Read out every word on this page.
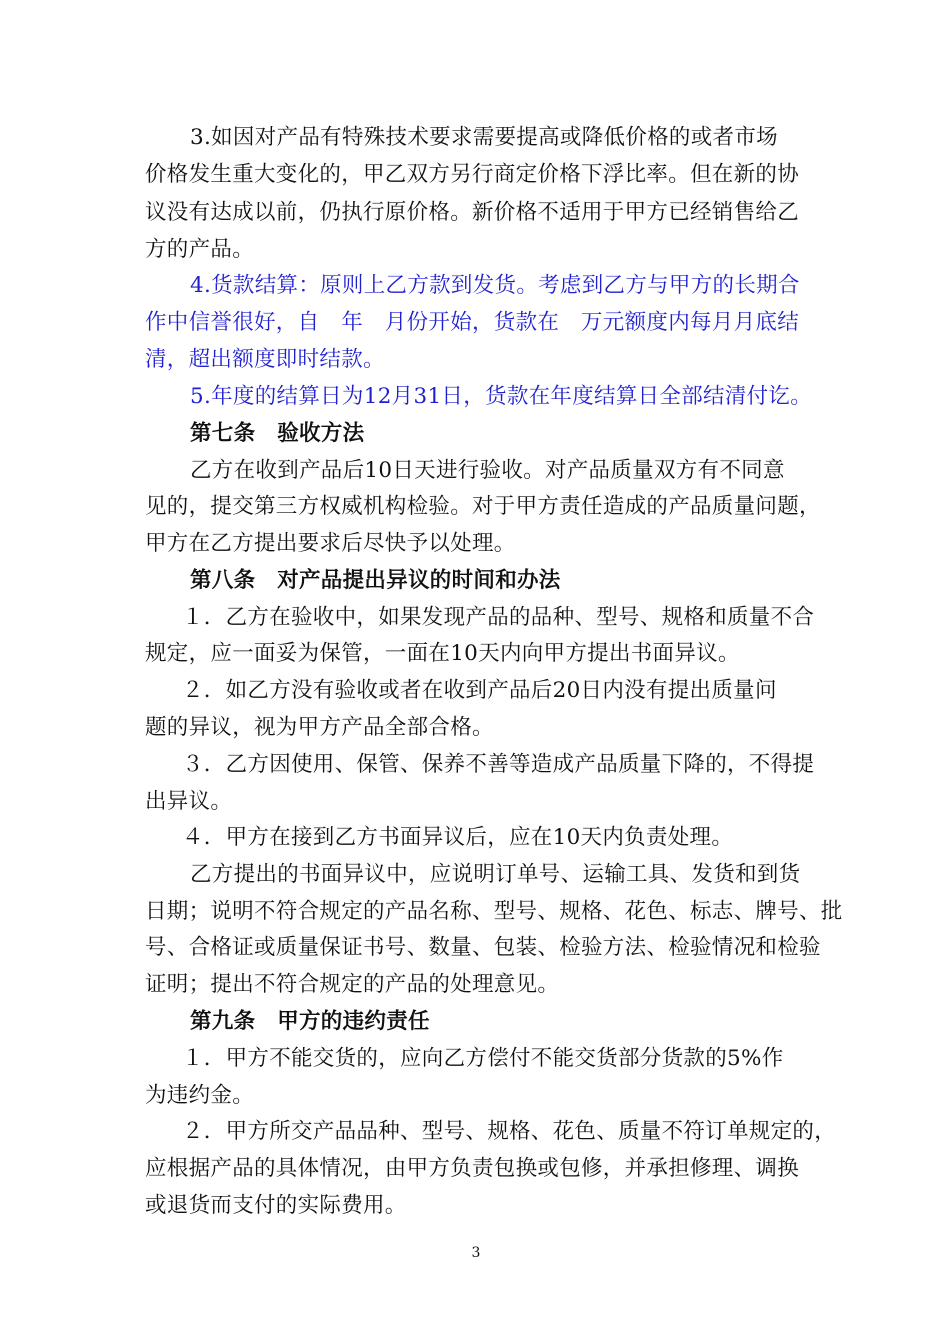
3.如因对产品有特殊技术要求需要提高或降低价格的或者市场
价格发生重大变化的，甲乙双方另行商定价格下浮比率。但在新的协
议没有达成以前，仍执行原价格。新价格不适用于甲方已经销售给乙
方的产品。
4.货款结算：原则上乙方款到发货。考虑到乙方与甲方的长期合
作中信誉很好，自　年　月份开始，货款在　万元额度内每月月底结
清，超出额度即时结款。
5.年度的结算日为12月31日，货款在年度结算日全部结清付讫。
第七条　验收方法
乙方在收到产品后10日天进行验收。对产品质量双方有不同意
见的，提交第三方权威机构检验。对于甲方责任造成的产品质量问题，
甲方在乙方提出要求后尽快予以处理。
第八条　对产品提出异议的时间和办法
１．乙方在验收中，如果发现产品的品种、型号、规格和质量不合
规定，应一面妥为保管，一面在10天内向甲方提出书面异议。
２．如乙方没有验收或者在收到产品后20日内没有提出质量问
题的异议，视为甲方产品全部合格。
３．乙方因使用、保管、保养不善等造成产品质量下降的，不得提
出异议。
４．甲方在接到乙方书面异议后，应在10天内负责处理。
乙方提出的书面异议中，应说明订单号、运输工具、发货和到货
日期；说明不符合规定的产品名称、型号、规格、花色、标志、牌号、批
号、合格证或质量保证书号、数量、包装、检验方法、检验情况和检验
证明；提出不符合规定的产品的处理意见。
第九条　甲方的违约责任
１．甲方不能交货的，应向乙方偿付不能交货部分货款的5%作
为违约金。
２．甲方所交产品品种、型号、规格、花色、质量不符订单规定的，
应根据产品的具体情况，由甲方负责包换或包修，并承担修理、调换
或退货而支付的实际费用。
3
